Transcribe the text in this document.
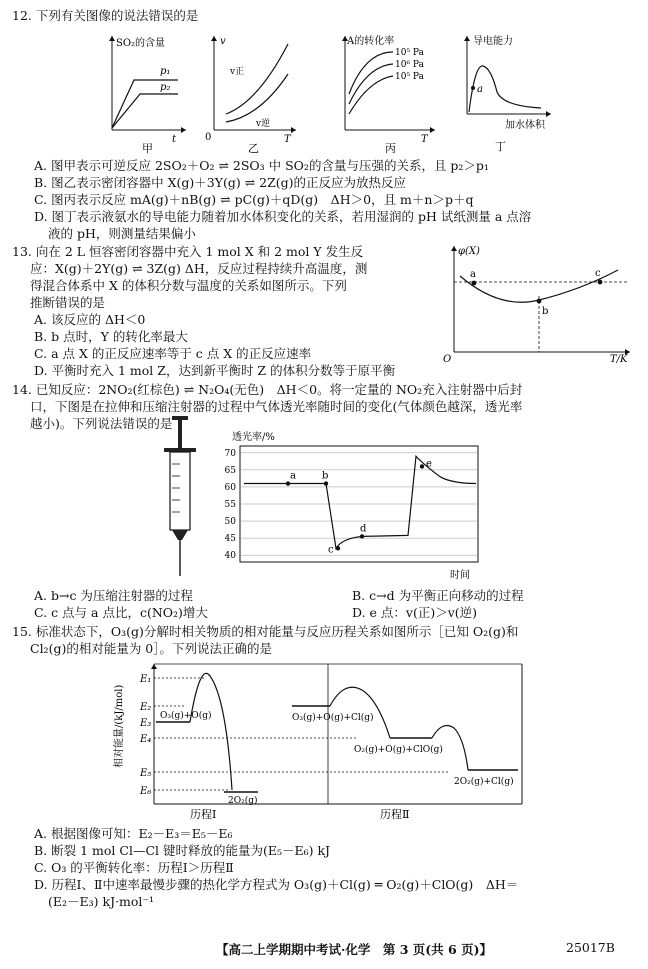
12. 下列有关图像的说法错误的是
SO₂的含量
p₁
p₂
t
甲
v
v正
v逆
0	T
乙
A的转化率
10⁵ Pa
10⁶ Pa
10⁵ Pa
T
丙
a
导电能力
加水体积
丁
A. 图甲表示可逆反应 2SO₂＋O₂ ⇌ 2SO₃ 中 SO₂的含量与压强的关系，且 p₂＞p₁
B. 图乙表示密闭容器中 X(g)＋3Y(g) ⇌ 2Z(g)的正反应为放热反应
C. 图丙表示反应 mA(g)＋nB(g) ⇌ pC(g)＋qD(g)　ΔH＞0，且 m＋n＞p＋q
D. 图丁表示液氨水的导电能力随着加水体积变化的关系，若用湿润的 pH 试纸测量 a 点溶
液的 pH，则测量结果偏小
13. 向在 2 L 恒容密闭容器中充入 1 mol X 和 2 mol Y 发生反
应：X(g)＋2Y(g) ⇌ 3Z(g) ΔH，反应过程持续升高温度，测
得混合体系中 X 的体积分数与温度的关系如图所示。下列
推断错误的是
A. 该反应的 ΔH＜0
B. b 点时，Y 的转化率最大
C. a 点 X 的正反应速率等于 c 点 X 的正反应速率
D. 平衡时充入 1 mol Z，达到新平衡时 Z 的体积分数等于原平衡
a
b
c
φ(X)
T/K
O
14. 已知反应：2NO₂(红棕色) ⇌ N₂O₄(无色)　ΔH＜0。将一定量的 NO₂充入注射器中后封
口，下图是在拉伸和压缩注射器的过程中气体透光率随时间的变化(气体颜色越深，透光率
越小)。下列说法错误的是
透光率/%
70
65
60
55
50
45
40
a	b
c
d
e
时间
A. b→c 为压缩注射器的过程	B. c→d 为平衡正向移动的过程
C. c 点与 a 点比，c(NO₂)增大	D. e 点：v(正)＞v(逆)
15. 标准状态下，O₃(g)分解时相关物质的相对能量与反应历程关系如图所示［已知 O₂(g)和
Cl₂(g)的相对能量为 0］。下列说法正确的是
相对能量/(kJ/mol)
E₁
E₂
E₃
E₄
E₅
E₆
O₃(g)+O(g)
2O₂(g)
O₃(g)+O(g)+Cl(g)
O₂(g)+O(g)+ClO(g)
2O₂(g)+Cl(g)
历程Ⅰ	历程Ⅱ
A. 根据图像可知：E₂－E₃＝E₅－E₆
B. 断裂 1 mol Cl—Cl 键时释放的能量为(E₅－E₆) kJ
C. O₃ 的平衡转化率：历程Ⅰ＞历程Ⅱ
D. 历程Ⅰ、Ⅱ中速率最慢步骤的热化学方程式为 O₃(g)＋Cl(g) ═ O₂(g)＋ClO(g)　ΔH＝
(E₂－E₃) kJ·mol⁻¹
【高二上学期期中考试·化学　第 3 页(共 6 页)】	25017B
